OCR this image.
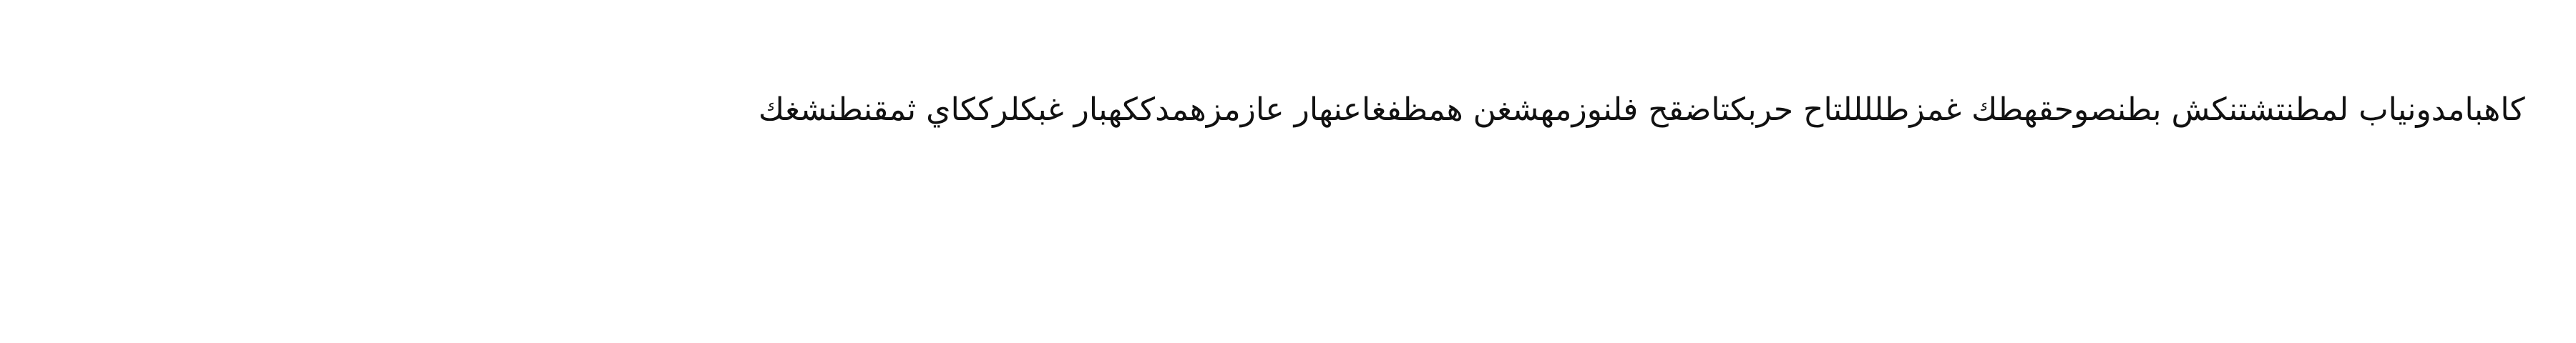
كاهبامدونياب لمطنتشتنكش بطنصوحقهطك غمزطللللتاح حربكتاضقح فلنوزمهشغن همظفغاعنهار عازمزهمدككهبار غبكلرككاي ثمقنطنشغك
